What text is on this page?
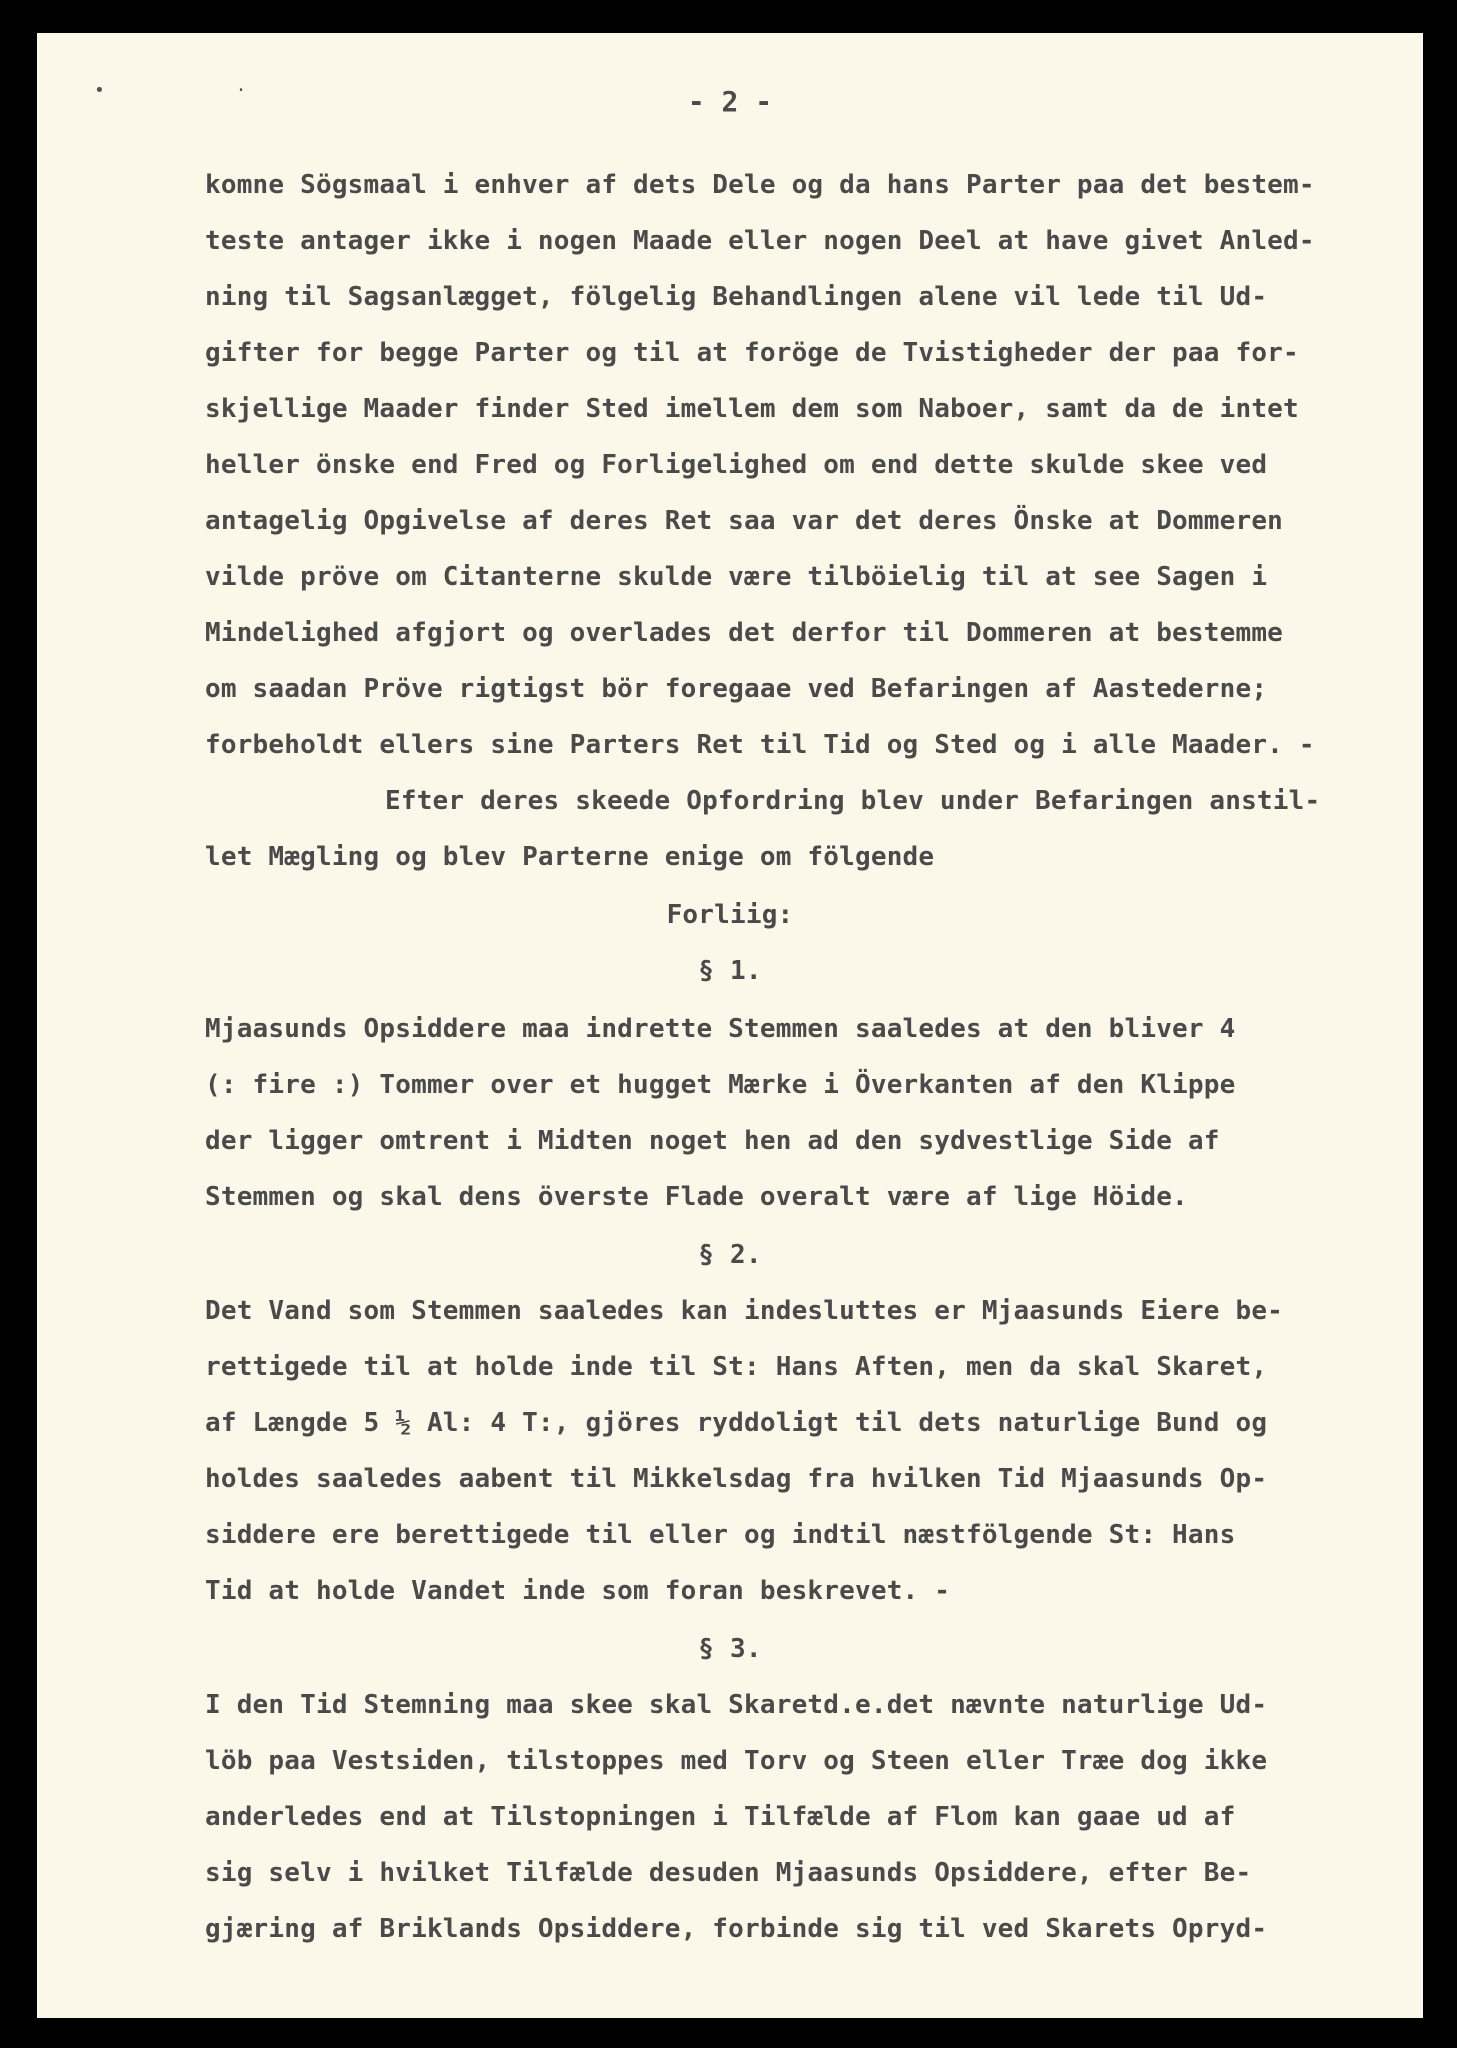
• ·	- 2 -
komne Sögsmaal i enhver af dets Dele og da hans Parter paa det bestem-
teste antager ikke i nogen Maade eller nogen Deel at have givet Anled-
ning til Sagsanlægget, fölgelig Behandlingen alene vil lede til Ud-
gifter for begge Parter og til at foröge de Tvistigheder der paa for-
skjellige Maader finder Sted imellem dem som Naboer, samt da de intet
heller önske end Fred og Forligelighed om end dette skulde skee ved
antagelig Opgivelse af deres Ret saa var det deres Önske at Dommeren
vilde pröve om Citanterne skulde være tilböielig til at see Sagen i
Mindelighed afgjort og overlades det derfor til Dommeren at bestemme
om saadan Pröve rigtigst bör foregaae ved Befaringen af Aastederne;
forbeholdt ellers sine Parters Ret til Tid og Sted og i alle Maader. -
Efter deres skeede Opfordring blev under Befaringen anstil-
let Mægling og blev Parterne enige om fölgende
Forliig:
§ 1.
Mjaasunds Opsiddere maa indrette Stemmen saaledes at den bliver 4
(: fire :) Tommer over et hugget Mærke i Överkanten af den Klippe
der ligger omtrent i Midten noget hen ad den sydvestlige Side af
Stemmen og skal dens överste Flade overalt være af lige Höide.
§ 2.
Det Vand som Stemmen saaledes kan indesluttes er Mjaasunds Eiere be-
rettigede til at holde inde til St: Hans Aften, men da skal Skaret,
af Længde 5 ½ Al: 4 T:, gjöres ryddoligt til dets naturlige Bund og
holdes saaledes aabent til Mikkelsdag fra hvilken Tid Mjaasunds Op-
siddere ere berettigede til eller og indtil næstfölgende St: Hans
Tid at holde Vandet inde som foran beskrevet. -
§ 3.
I den Tid Stemning maa skee skal Skaretd.e.det nævnte naturlige Ud-
löb paa Vestsiden, tilstoppes med Torv og Steen eller Træe dog ikke
anderledes end at Tilstopningen i Tilfælde af Flom kan gaae ud af
sig selv i hvilket Tilfælde desuden Mjaasunds Opsiddere, efter Be-
gjæring af Briklands Opsiddere, forbinde sig til ved Skarets Opryd-
